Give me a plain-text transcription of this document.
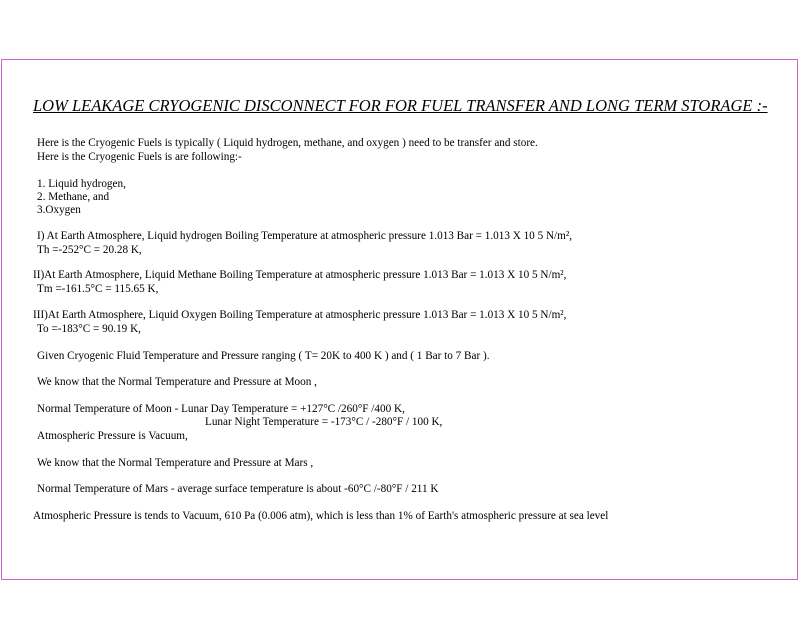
LOW LEAKAGE CRYOGENIC DISCONNECT FOR FOR FUEL TRANSFER AND LONG TERM STORAGE :-
Here is the Cryogenic Fuels is typically ( Liquid hydrogen, methane, and oxygen ) need to be transfer and store.
Here is the Cryogenic Fuels is are following:-
1. Liquid hydrogen,
2. Methane, and
3.Oxygen
I) At Earth Atmosphere, Liquid hydrogen Boiling Temperature at atmospheric pressure 1.013 Bar = 1.013 X 10 5 N/m²,
Th =-252°C = 20.28 K,
II)At Earth Atmosphere, Liquid Methane Boiling Temperature at atmospheric pressure 1.013 Bar = 1.013 X 10 5 N/m²,
Tm =-161.5°C = 115.65 K,
III)At Earth Atmosphere, Liquid Oxygen Boiling Temperature at atmospheric pressure 1.013 Bar = 1.013 X 10 5 N/m²,
To =-183°C = 90.19 K,
Given Cryogenic Fluid Temperature and Pressure ranging ( T= 20K to 400 K ) and ( 1 Bar to 7 Bar ).
We know that the Normal Temperature and Pressure at Moon ,
Normal Temperature of Moon - Lunar Day Temperature = +127°C /260°F /400 K,
Lunar Night Temperature = -173°C / -280°F / 100 K,
Atmospheric Pressure is Vacuum,
We know that the Normal Temperature and Pressure at Mars ,
Normal Temperature of Mars - average surface temperature is about -60°C /-80°F / 211 K
Atmospheric Pressure is tends to Vacuum, 610 Pa (0.006 atm), which is less than 1% of Earth's atmospheric pressure at sea level
